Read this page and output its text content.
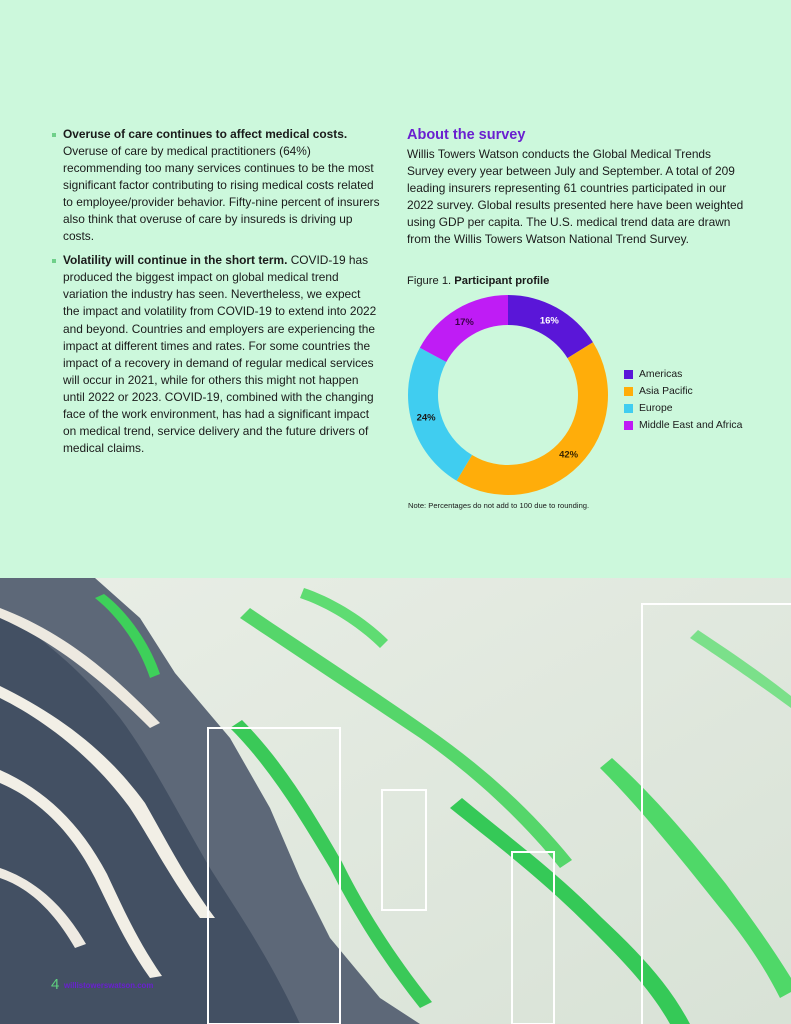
Overuse of care continues to affect medical costs. Overuse of care by medical practitioners (64%) recommending too many services continues to be the most significant factor contributing to rising medical costs related to employee/provider behavior. Fifty-nine percent of insurers also think that overuse of care by insureds is driving up costs.
Volatility will continue in the short term. COVID-19 has produced the biggest impact on global medical trend variation the industry has seen. Nevertheless, we expect the impact and volatility from COVID-19 to extend into 2022 and beyond. Countries and employers are experiencing the impact at different times and rates. For some countries the impact of a recovery in demand of regular medical services will occur in 2021, while for others this might not happen until 2022 or 2023. COVID-19, combined with the changing face of the work environment, has had a significant impact on medical trend, service delivery and the future drivers of medical claims.
About the survey

Willis Towers Watson conducts the Global Medical Trends Survey every year between July and September. A total of 209 leading insurers representing 61 countries participated in our 2022 survey. Global results presented here have been weighted using GDP per capita. The U.S. medical trend data are drawn from the Willis Towers Watson National Trend Survey.

Figure 1. Participant profile
16%
42%
24%
17%
Americas
Asia Pacific
Europe
Middle East and Africa
Note: Percentages do not add to 100 due to rounding.
4 willistowerswatson.com
